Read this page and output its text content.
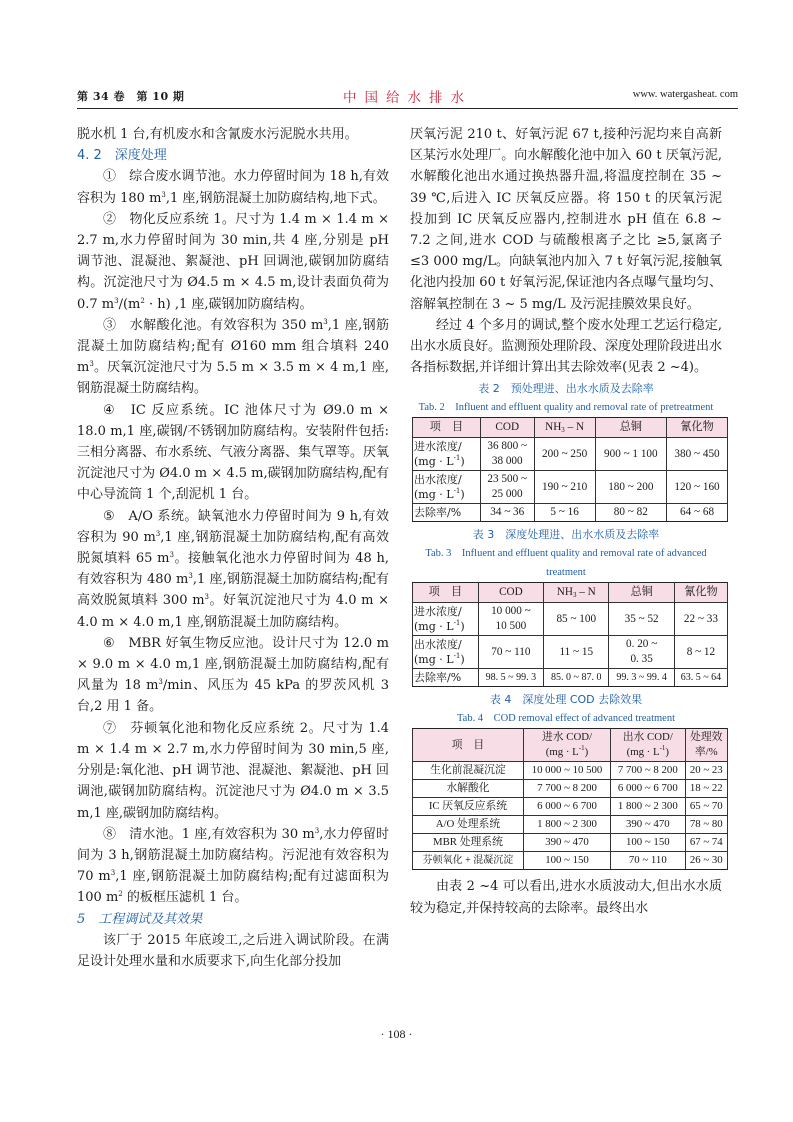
第 34 卷　第 10 期	中国给水排水	www. watergasheat. com

脱水机 1 台,有机废水和含氰废水污泥脱水共用。

4. 2　深度处理

①　综合废水调节池。水力停留时间为 18 h,有效容积为 180 $m^3,1$ 座,钢筋混凝土加防腐结构,地下式。

②　物化反应系统 1。尺寸为 1.4 m × 1.4 m × 2.7 m,水力停留时间为 30 min,共 4 座,分别是 pH 调节池、混凝池、絮凝池、pH 回调池,碳钢加防腐结构。沉淀池尺寸为 Ø4.5 m × 4.5 m,设计表面负荷为 0.7 $m^3/(m^2 \cdot h)$ ,1 座,碳钢加防腐结构。

③　水解酸化池。有效容积为 350 $m^3,1$ 座,钢筋混凝土加防腐结构;配有 Ø160 mm 组合填料 240 $m^3$。厌氧沉淀池尺寸为 5.5 m × 3.5 m × 4 m,1 座,钢筋混凝土防腐结构。

④　IC 反应系统。IC 池体尺寸为 Ø9.0 m × 18.0 m,1 座,碳钢/不锈钢加防腐结构。安装附件包括:三相分离器、布水系统、气液分离器、集气罩等。厌氧沉淀池尺寸为 Ø4.0 m × 4.5 m,碳钢加防腐结构,配有中心导流筒 1 个,刮泥机 1 台。

⑤　A/O 系统。缺氧池水力停留时间为 9 h,有效容积为 90 $m^3,1$ 座,钢筋混凝土加防腐结构,配有高效脱氮填料 65 $m^3$。接触氧化池水力停留时间为 48 h,有效容积为 480 $m^3,1$ 座,钢筋混凝土加防腐结构;配有高效脱氮填料 300 $m^3$。好氧沉淀池尺寸为 4.0 m × 4.0 m × 4.0 m,1 座,钢筋混凝土加防腐结构。

⑥　MBR 好氧生物反应池。设计尺寸为 12.0 m × 9.0 m × 4.0 m,1 座,钢筋混凝土加防腐结构,配有风量为 18 $m^3/\min$、风压为 45 kPa 的罗茨风机 3 台,2 用 1 备。

⑦　芬顿氧化池和物化反应系统 2。尺寸为 1.4 m × 1.4 m × 2.7 m,水力停留时间为 30 min,5 座,分别是:氧化池、pH 调节池、混凝池、絮凝池、pH 回调池,碳钢加防腐结构。沉淀池尺寸为 Ø4.0 m × 3.5 m,1 座,碳钢加防腐结构。

⑧　清水池。1 座,有效容积为 30 $m^3$,水力停留时间为 3 h,钢筋混凝土加防腐结构。污泥池有效容积为 70 $m^3,1$ 座,钢筋混凝土加防腐结构;配有过滤面积为 100 $m^2$ 的板框压滤机 1 台。

5　工程调试及其效果

该厂于 2015 年底竣工,之后进入调试阶段。在满足设计处理水量和水质要求下,向生化部分投加

厌氧污泥 210 t、好氧污泥 67 t,接种污泥均来自高新区某污水处理厂。向水解酸化池中加入 60 t 厌氧污泥,水解酸化池出水通过换热器升温,将温度控制在 35 ~ 39 ℃,后进入 IC 厌氧反应器。将 150 t 的厌氧污泥投加到 IC 厌氧反应器内,控制进水 pH 值在 6.8 ~ 7.2 之间,进水 COD 与硫酸根离子之比 ≥5,氯离子 ≤3 000 mg/L。向缺氧池内加入 7 t 好氧污泥,接触氧化池内投加 60 t 好氧污泥,保证池内各点曝气量均匀、溶解氧控制在 3 ~ 5 mg/L 及污泥挂膜效果良好。

经过 4 个多月的调试,整个废水处理工艺运行稳定,出水水质良好。监测预处理阶段、深度处理阶段进出水各指标数据,并详细计算出其去除效率(见表 2 ~4)。

表 2　预处理进、出水水质及去除率
Tab. 2　Influent and effluent quality and removal rate of pretreatment
项　目	COD	$NH_3$ – N	总铜	氰化物
进水浓度/
$(mg \cdot L^{-1})$	36 800 ~
38 000	200 ~ 250	900 ~ 1 100	380 ~ 450
出水浓度/
$(mg \cdot L^{-1})$	23 500 ~
25 000	190 ~ 210	180 ~ 200	120 ~ 160
去除率/%	34 ~ 36	5 ~ 16	80 ~ 82	64 ~ 68
表 3　深度处理进、出水水质及去除率
Tab. 3　Influent and effluent quality and removal rate of advanced treatment
项　目	COD	$NH_3$ – N	总铜	氰化物
进水浓度/
$(mg \cdot L^{-1})$	10 000 ~
10 500	85 ~ 100	35 ~ 52	22 ~ 33
出水浓度/
$(mg \cdot L^{-1})$	70 ~ 110	11 ~ 15	0. 20 ~
0. 35	8 ~ 12
去除率/%	98. 5 ~ 99. 3	85. 0 ~ 87. 0	99. 3 ~ 99. 4	63. 5 ~ 64
表 4　深度处理 COD 去除效果
Tab. 4　COD removal effect of advanced treatment
项　目	进水 COD/
$(mg \cdot L^{-1})$	出水 COD/
$(mg \cdot L^{-1})$	处理效
率/%
生化前混凝沉淀	10 000 ~ 10 500	7 700 ~ 8 200	20 ~ 23
水解酸化	7 700 ~ 8 200	6 000 ~ 6 700	18 ~ 22
IC 厌氧反应系统	6 000 ~ 6 700	1 800 ~ 2 300	65 ~ 70
A/O 处理系统	1 800 ~ 2 300	390 ~ 470	78 ~ 80
MBR 处理系统	390 ~ 470	100 ~ 150	67 ~ 74
芬顿氧化 + 混凝沉淀	100 ~ 150	70 ~ 110	26 ~ 30

由表 2 ~4 可以看出,进水水质波动大,但出水水质较为稳定,并保持较高的去除率。最终出水

· 108 ·
